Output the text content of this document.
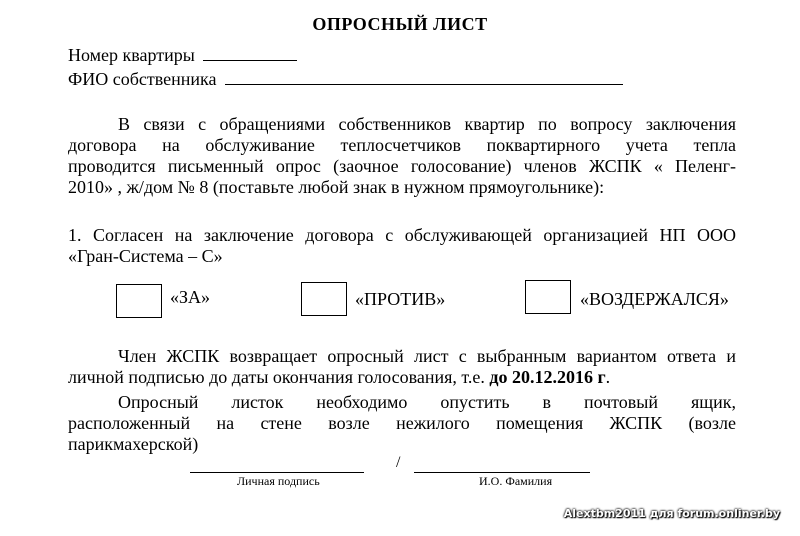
ОПРОСНЫЙ ЛИСТ
Номер квартиры
ФИО собственника
В связи с обращениями собственников квартир по вопросу заключения
договора на обслуживание теплосчетчиков поквартирного учета тепла
проводится письменный опрос (заочное голосование) членов ЖСПК « Пеленг-
2010» , ж/дом № 8 (поставьте любой знак в нужном прямоугольнике):
1. Согласен на заключение договора с обслуживающей организацией НП ООО
«Гран-Система – С»
«ЗА»	«ПРОТИВ»	«ВОЗДЕРЖАЛСЯ»
Член ЖСПК возвращает опросный лист с выбранным вариантом ответа и
личной подписью до даты окончания голосования, т.е. до 20.12.2016 г.
Опросный листок необходимо опустить в почтовый ящик,
расположенный на стене возле нежилого помещения ЖСПК (возле
парикмахерской)
/
Личная подпись	И.О. Фамилия
Alextbm2011 для forum.onliner.by
